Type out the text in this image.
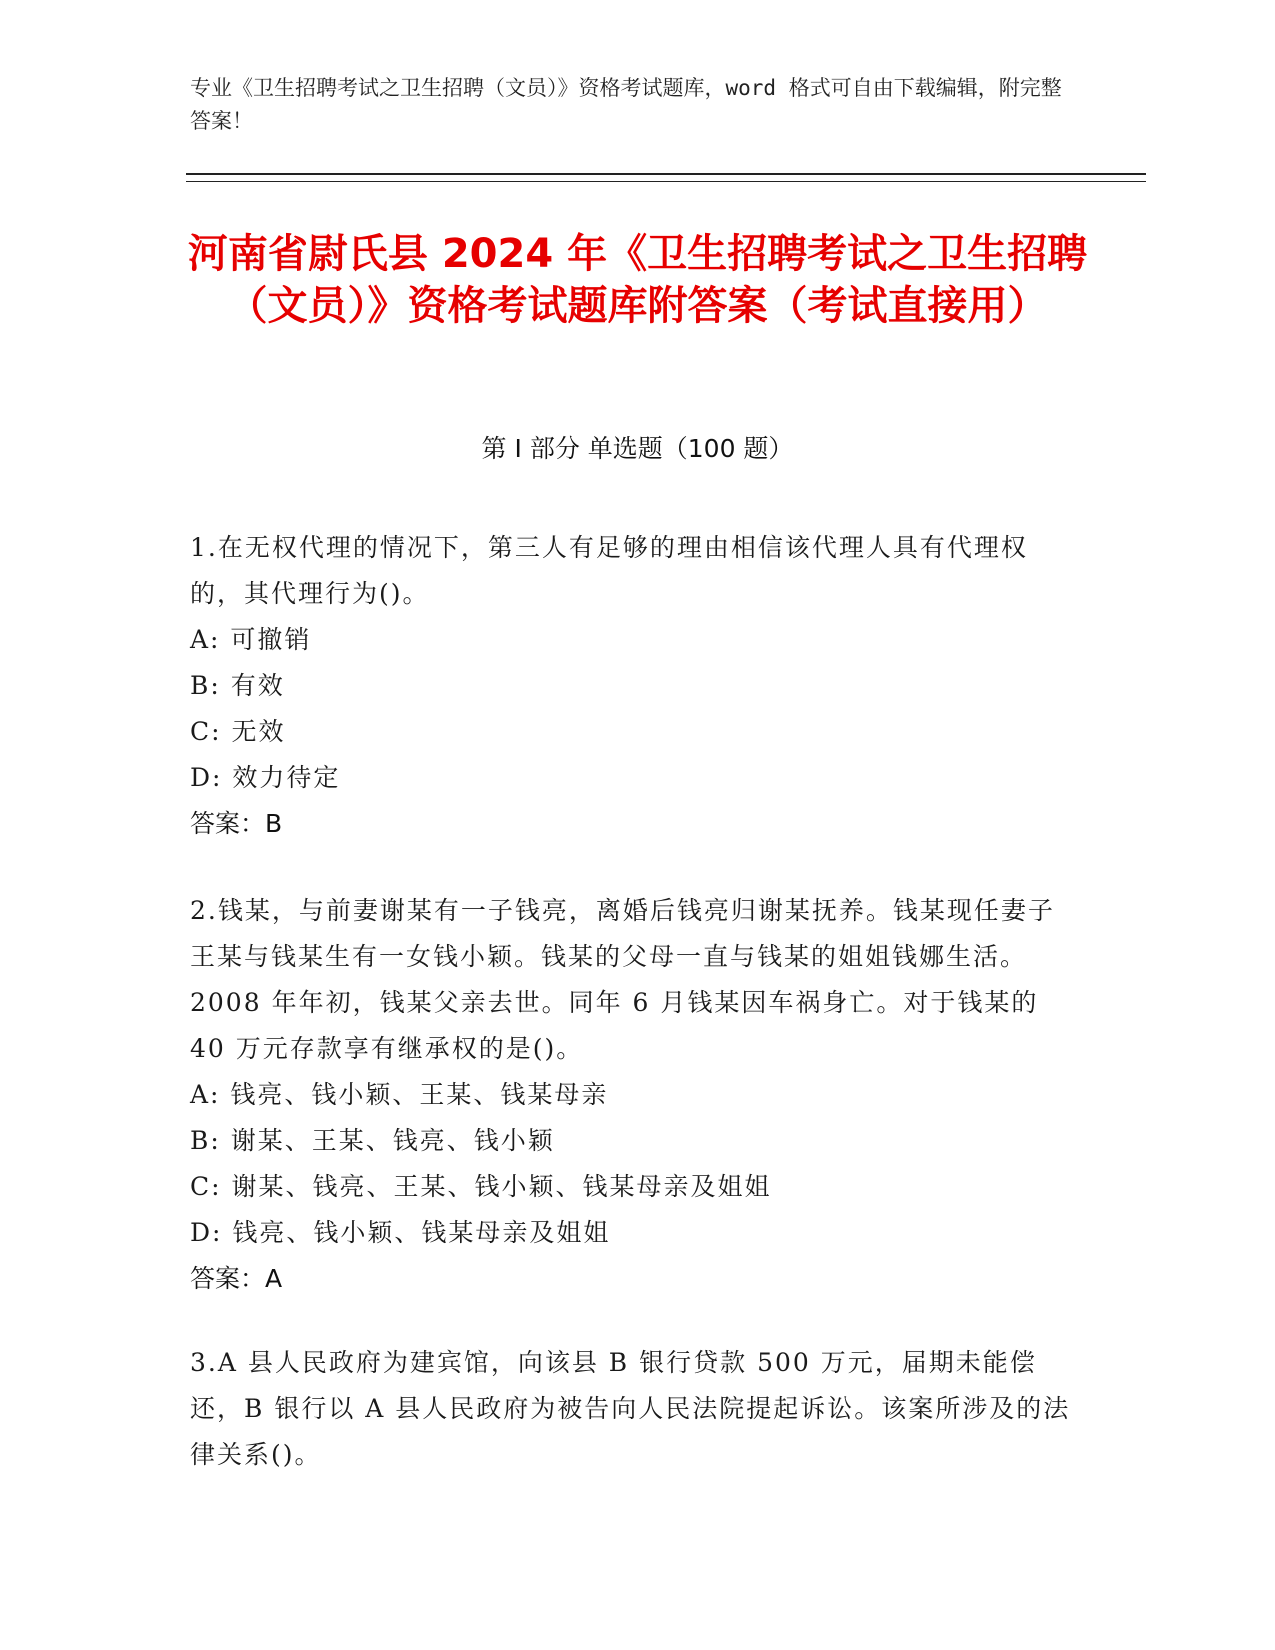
专业《卫生招聘考试之卫生招聘（文员）》资格考试题库，word 格式可自由下载编辑，附完整答案！
河南省尉氏县 2024 年《卫生招聘考试之卫生招聘（文员）》资格考试题库附答案（考试直接用）
第 I 部分 单选题（100 题）
1.在无权代理的情况下，第三人有足够的理由相信该代理人具有代理权的，其代理行为()。
A: 可撤销
B: 有效
C: 无效
D: 效力待定
答案：B
2.钱某，与前妻谢某有一子钱亮，离婚后钱亮归谢某抚养。钱某现任妻子王某与钱某生有一女钱小颖。钱某的父母一直与钱某的姐姐钱娜生活。2008 年年初，钱某父亲去世。同年 6 月钱某因车祸身亡。对于钱某的 40 万元存款享有继承权的是()。
A: 钱亮、钱小颖、王某、钱某母亲
B: 谢某、王某、钱亮、钱小颖
C: 谢某、钱亮、王某、钱小颖、钱某母亲及姐姐
D: 钱亮、钱小颖、钱某母亲及姐姐
答案：A
3.A 县人民政府为建宾馆，向该县 B 银行贷款 500 万元，届期未能偿还，B 银行以 A 县人民政府为被告向人民法院提起诉讼。该案所涉及的法律关系()。
